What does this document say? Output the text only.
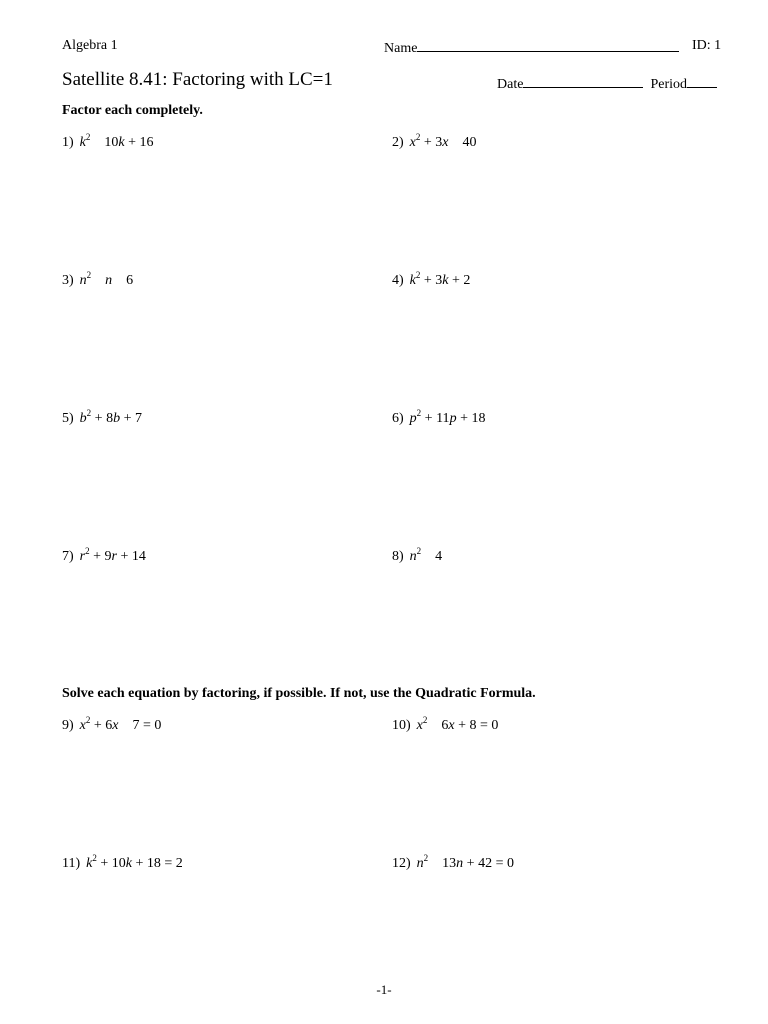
Algebra 1
Satellite 8.41: Factoring with LC=1
Name	ID: 1
Date	Period
Factor each completely.
Solve each equation by factoring, if possible. If not, use the Quadratic Formula.
1) $k^2$    10k + 16	2) $x^2 + 3x$    40
3) $n^2$ n    6	4) $k^2 + 3k + 2$
5) $b^2 + 8b + 7$	6) $p^2 + 11p + 18$
7) $r^2 + 9r + 14$	8) $n^2$    4
9) $x^2 + 6x$    7 = 0	10) $x^2$    6x + 8 = 0
11) $k^2 + 10k + 18 = 2$	12) $n^2$    13n + 42 = 0
-1-
